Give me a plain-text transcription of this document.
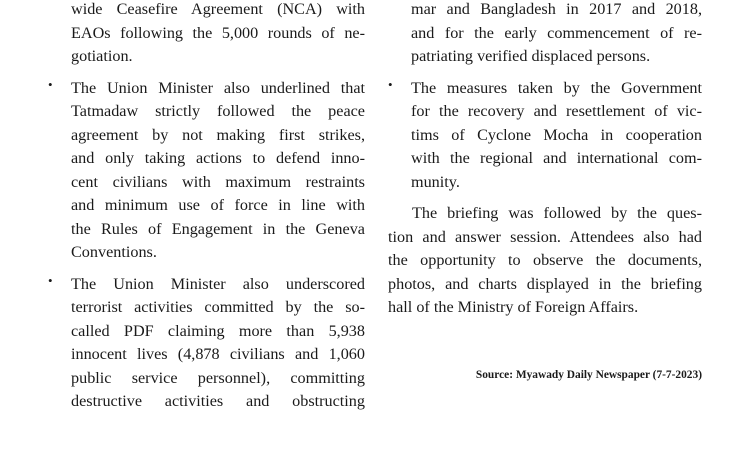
wide Ceasefire Agreement (NCA) with
EAOs following the 5,000 rounds of ne-
gotiation.
• The Union Minister also underlined that
Tatmadaw strictly followed the peace
agreement by not making first strikes,
and only taking actions to defend inno-
cent civilians with maximum restraints
and minimum use of force in line with
the Rules of Engagement in the Geneva
Conventions.
• The Union Minister also underscored
terrorist activities committed by the so-
called PDF claiming more than 5,938
innocent lives (4,878 civilians and 1,060
public service personnel), committing
destructive activities and obstructing
mar and Bangladesh in 2017 and 2018,
and for the early commencement of re-
patriating verified displaced persons.
• The measures taken by the Government
for the recovery and resettlement of vic-
tims of Cyclone Mocha in cooperation
with the regional and international com-
munity.
The briefing was followed by the ques-
tion and answer session. Attendees also had
the opportunity to observe the documents,
photos, and charts displayed in the briefing
hall of the Ministry of Foreign Affairs.
Source: Myawady Daily Newspaper (7-7-2023)
